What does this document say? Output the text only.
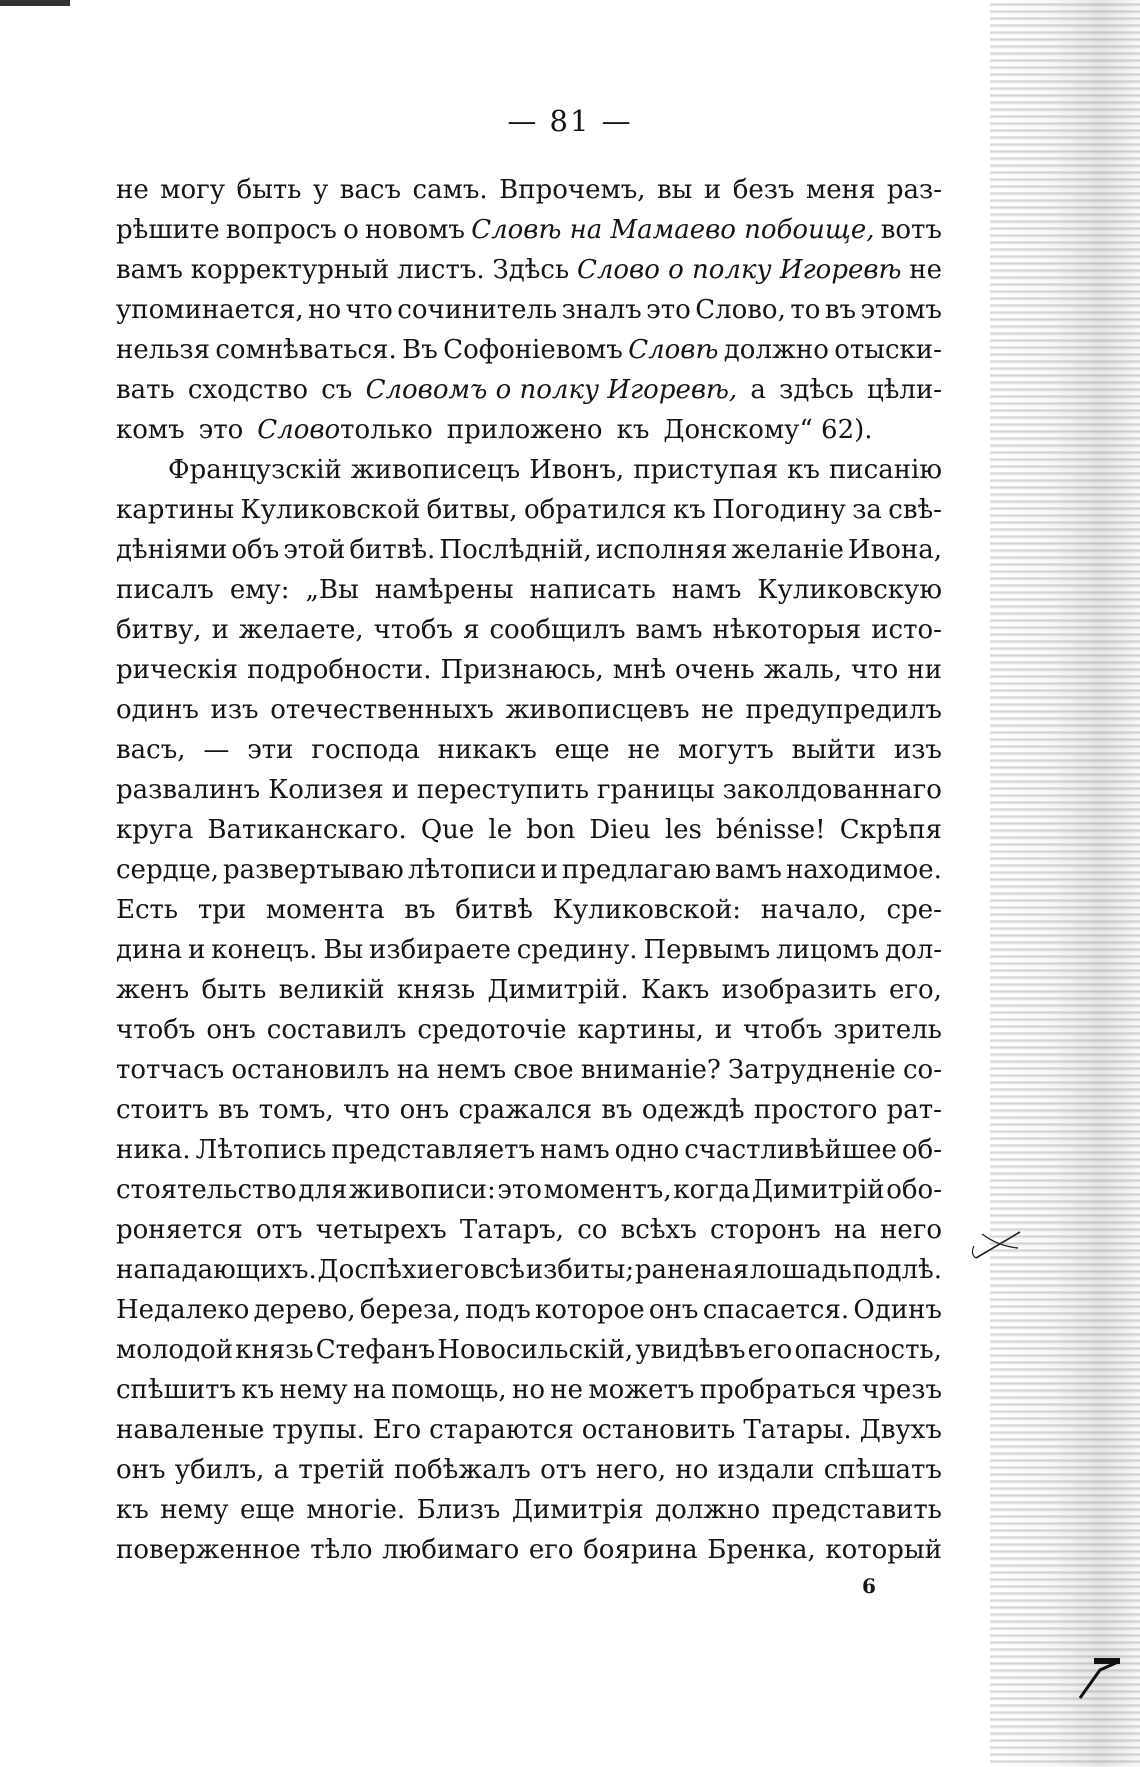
— 81 —
не могу быть у васъ самъ. Впрочемъ, вы и безъ меня раз-
рѣшите вопросъ о новомъ Словѣ на Мамаево побоище, вотъ
вамъ корректурный листъ. Здѣсь Слово о полку Игоревѣ не
упоминается, но что сочинитель зналъ это Слово, то въ этомъ
нельзя сомнѣваться. Въ Софоніевомъ Словѣ должно отыски-
вать сходство съ Словомъ о полку Игоревѣ, а здѣсь цѣли-
комъ это Слово только приложено къ Донскому“ 62).
Французскій живописецъ Ивонъ, приступая къ писанію
картины Куликовской битвы, обратился къ Погодину за свѣ-
дѣніями объ этой битвѣ. Послѣдній, исполняя желаніе Ивона,
писалъ ему: „Вы намѣрены написать намъ Куликовскую
битву, и желаете, чтобъ я сообщилъ вамъ нѣкоторыя исто-
рическія подробности. Признаюсь, мнѣ очень жаль, что ни
одинъ изъ отечественныхъ живописцевъ не предупредилъ
васъ, — эти господа никакъ еще не могутъ выйти изъ
развалинъ Колизея и переступить границы заколдованнаго
круга Ватиканскаго. Que le bon Dieu les bénisse! Скрѣпя
сердце, развертываю лѣтописи и предлагаю вамъ находимое.
Есть три момента въ битвѣ Куликовской: начало, сре-
дина и конецъ. Вы избираете средину. Первымъ лицомъ дол-
женъ быть великій князь Димитрій. Какъ изобразить его,
чтобъ онъ составилъ средоточіе картины, и чтобъ зритель
тотчасъ остановилъ на немъ свое вниманіе? Затрудненіе со-
стоитъ въ томъ, что онъ сражался въ одеждѣ простого рат-
ника. Лѣтопись представляетъ намъ одно счастливѣйшее об-
стоятельство для живописи: это моментъ, когда Димитрій обо-
роняется отъ четырехъ Татаръ, со всѣхъ сторонъ на него
нападающихъ. Доспѣхи его всѣ избиты; раненая лошадь подлѣ.
Недалеко дерево, береза, подъ которое онъ спасается. Одинъ
молодой князь Стефанъ Новосильскій, увидѣвъ его опасность,
спѣшитъ къ нему на помощь, но не можетъ пробраться чрезъ
наваленые трупы. Его стараются остановить Татары. Двухъ
онъ убилъ, а третій побѣжалъ отъ него, но издали спѣшатъ
къ нему еще многіе. Близъ Димитрія должно представить
поверженное тѣло любимаго его боярина Бренка, который
6
